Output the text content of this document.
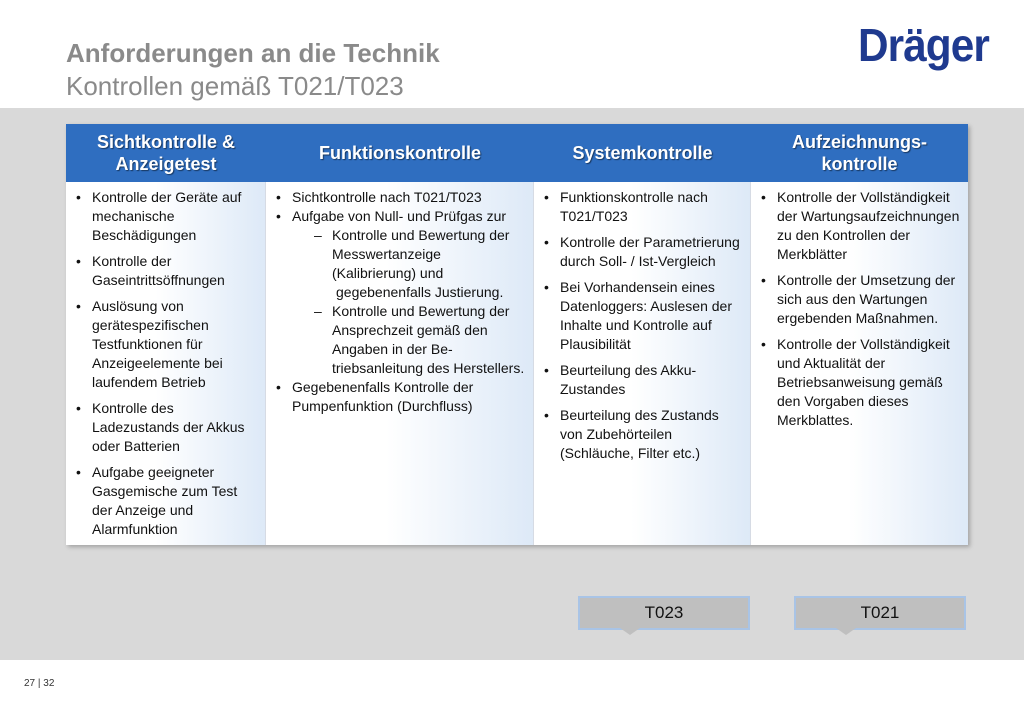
Anforderungen an die Technik
Kontrollen gemäß T021/T023
Dräger
Sichtkontrolle & Anzeigetest
Funktionskontrolle	Systemkontrolle
Aufzeichnungs-kontrolle
• Kontrolle der Geräte auf mechanische Beschädigungen
• Kontrolle der Gaseintrittsöffnungen
• Auslösung von gerätespezifischen Testfunktionen für Anzeigeelemente bei laufendem Betrieb
• Kontrolle des Ladezustands der Akkus oder Batterien
• Aufgabe geeigneter Gasgemische zum Test der Anzeige und Alarmfunktion
• Sichtkontrolle nach T021/T023
• Aufgabe von Null- und Prüfgas zur
– Kontrolle und Bewertung der Messwertanzeige (Kalibrierung) und
gegebenenfalls Justierung.
– Kontrolle und Bewertung der Ansprechzeit gemäß den Angaben in der Be-triebsanleitung des Herstellers.
• Gegebenenfalls Kontrolle der Pumpenfunktion (Durchfluss)
• Funktionskontrolle nach T021/T023
• Kontrolle der Parametrierung durch Soll- / Ist-Vergleich
• Bei Vorhandensein eines Datenloggers: Auslesen der Inhalte und Kontrolle auf Plausibilität
• Beurteilung des Akku-Zustandes
• Beurteilung des Zustands von Zubehörteilen (Schläuche, Filter etc.)
• Kontrolle der Vollständigkeit der Wartungsaufzeichnungen zu den Kontrollen der Merkblätter
• Kontrolle der Umsetzung der sich aus den Wartungen ergebenden Maßnahmen.
• Kontrolle der Vollständigkeit und Aktualität der Betriebsanweisung gemäß den Vorgaben dieses Merkblattes.
T023	T021
27 | 32
